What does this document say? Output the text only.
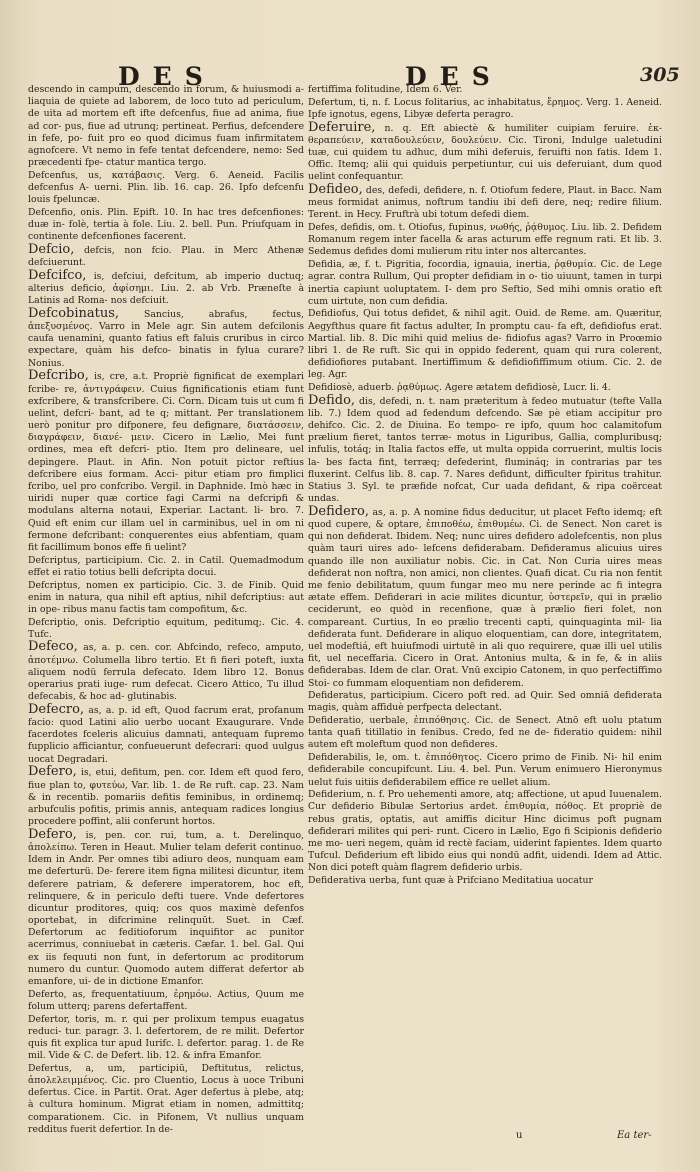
DES	DES	305

descendo in campum, descendo in forum, & huiusmodi a- liaquia de quiete ad laborem, de loco tuto ad periculum, de uita ad mortem eft ifte defcenfus, fiue ad anima, fiue ad cor- pus, fiue ad utrunq; pertineat. Perfius, defcendere in fefe, po- fuit pro eo quod dicimus fuam infirmitatem agnofcere. Vt nemo in fefe tentat defcendere, nemo: Sed præcedenti fpe- ctatur mantica tergo.

Defcenfus, us, κατάβασις. Verg. 6. Aeneid. Facilis defcenfus A- uerni. Plin. lib. 16. cap. 26. Ipfo defcenfu louis fpeluncæ.

Defcenfio, onis. Plin. Epift. 10. In hac tres defcenfiones: duæ in- folè, tertia à fole. Liu. 2. bell. Pun. Priufquam in continente defcenfiones facerent.

Defcio, defcis, non fcio. Plau. in Merc Athenæ defciuerunt.

Defcifco, is, defciui, defcitum, ab imperio ductuq; alterius deficio, ἀφίσημι. Liu. 2. ab Vrb. Præneſte à Latinis ad Roma- nos defciuit.

Defcobinatus, Sancius, abrafus, fectus, ἀπεξυσμένος. Varro in Mele agr. Sin autem defcilonis caufa uenamini, quanto fatius eft faluis cruribus in circo expectare, quàm his defco- binatis in fylua curare? Nonius.

Defcribo, is, cre, a.t. Propriè fignificat de exemplari fcribe- re, ἀντιγράφειν. Cuius fignificationis etiam funt exfcribere, & transfcribere. Ci. Corn. Dicam tuis ut cum fi uelint, defcri- bant, ad te q; mittant. Per translationem uerò ponitur pro difponere, feu defignare, διατάσσειν, διαγράφειν, διανέ- μειν. Cicero in Lælio, Mei funt ordines, mea eft defcri- ptio. Item pro delineare, uel depingere. Plaut. in Afin. Non potuit pictor reftius defcribere eius formam. Acci- pitur etiam pro fimplici fcribo, uel pro confcribo. Vergil. in Daphnide. Imò hæc in uiridi nuper quæ cortice fagi Carmi na defcripfi & modulans alterna notaui, Experiar. Lactant. li- bro. 7. Quid eft enim cur illam uel in carminibus, uel in om ni fermone defcribant: conquerentes eius abfentiam, quam fit facillimum bonos effe fi uelint?

Defcriptus, participium. Cic. 2. in Catil. Quemadmodum effet ei ratio totius belli defcripta docui.

Defcriptus, nomen ex participio. Cic. 3. de Finib. Quid enim in natura, qua nihil eft aptius, nihil defcriptius: aut in ope- ribus manu factis tam compofitum, &c.

Defcriptio, onis. Defcriptio equitum, peditumq;. Cic. 4. Tufc.

Defeco, as, a. p. cen. cor. Abfcindo, refeco, amputo, ἀποτέμνω. Columella libro tertio. Et fi fieri poteft, iuxta aliquem nodü ferrula defecato. Idem libro 12. Bonus operarius prati iuge- rum defecat. Cicero Attico, Tu illud defecabis, & hoc ad- glutinabis.

Defecro, as, a. p. id eft, Quod facrum erat, profanum facio: quod Latini alio uerbo uocant Exaugurare. Vnde facerdotes fceleris alicuius damnati, antequam fupremo fupplicio afficiantur, confueuerunt defecrari: quod uulgus uocat Degradari.

Defero, is, etui, defitum, pen. cor. Idem eft quod fero, fiue plan to, φυτεύω, Var. lib. 1. de Re ruft. cap. 23. Nam & in recentib. pomariis defitis feminibus, in ordinemq; arbufculis pofitis, primis annis, antequam radices longius procedere poffint, alii conferunt hortos.

Defero, is, pen. cor. rui, tum, a. t. Derelinquo, ἀπολείπω. Teren in Heaut. Mulier telam deferit continuo. Idem in Andr. Per omnes tibi adiuro deos, nunquam eam me deferturü. De- ferere item figna militesi dicuntur, item deferere patriam, & deferere imperatorem, hoc eft, relinquere, & in periculo defti tuere. Vnde defertores dicuntur proditores, quiq; cos quos maximè defenfos oportebat, in difcrimine relinquūt. Suet. in Cæf. Defertorum ac feditioforum inquifitor ac punitor acerrimus, conniuebat in cæteris. Cæfar. 1. bel. Gal. Qui ex iis fequuti non funt, in defertorum ac proditorum numero du cuntur. Quomodo autem differat defertor ab emanfore, ui- de in dictione Emanfor.

Deferto, as, frequentatiuum, ἐρημόω. Actius, Quum me folum utterq; parens defertaffent.

Defertor, toris, m. r. qui per prolixum tempus euagatus reduci- tur. paragr. 3. l. defertorem, de re milit. Defertor quis fit explica tur apud Iurifc. l. defertor. parag. 1. de Re mil. Vide & C. de Defert. lib. 12. & infra Emanfor.

Defertus, a, um, participiū, Deftitutus, relictus, ἀπολελειμμένος. Cic. pro Cluentio, Locus à uoce Tribuni defertus. Cice. in Partit. Orat. Ager defertus à plebe, atq; à cultura hominum. Migrat etiam in nomen, admittitq; comparationem. Cic. in Pifonem, Vt nullius unquam redditus fuerit defertior. In de-

fertiffima folitudine, Idem 6. Ver.

Defertum, ti, n. f. Locus folitarius, ac inhabitatus, ἔρημος. Verg. 1. Aeneid. Ipfe ignotus, egens, Libyæ deferta peragro.

Deferuire, n. q. Eft abiectè & humiliter cuipiam feruire. ἐκ- θεραπεύειν, καταδουλεύειν, δουλεύειν. Cic. Tironi, Indulge ualetudini tuæ, cui quidem tu adhuc, dum mihi deferuis, feruifti non fatis. Idem 1. Offic. Itemq; alii qui quiduis perpetiuntur, cui uis deferuiant, dum quod uelint confequantur.

Defideo, des, defedi, defidere, n. f. Otiofum federe, Plaut. in Bacc. Nam meus formidat animus, noftrum tandiu ibi defi dere, neq; redire filium. Terent. in Hecy. Fruftrà ubi totum defedi diem.

Defes, defidis, om. t. Otiofus, fupinus, νωθής, ῥᾴθυμος. Liu. lib. 2. Defidem Romanum regem inter facella & aras acturum effe regnum rati. Et lib. 3. Sedemus defides domi mulierum ritu inter nos altercantes.

Defidia, æ, f. t. Pigritia, focordia, ignauia, inertia, ῥᾳθυμία. Cic. de Lege agrar. contra Rullum, Qui propter defidiam in o- tio uiuunt, tamen in turpi inertia capiunt uoluptatem. I- dem pro Seftio, Sed mihi omnis oratio eft cum uirtute, non cum defidia.

Defidiofus, Qui totus defidet, & nihil agit. Ouid. de Reme. am. Quæritur, Aegyfthus quare fit factus adulter, In promptu cau- fa eft, defidiofus erat. Martial. lib. 8. Dic mihi quid melius de- fidiofus agas? Varro in Proœmio libri 1. de Re ruft. Sic qui in oppido federent, quam qui rura colerent, defidiofiores putabant. Inertiffimum & defidiofiffimum otium. Cic. 2. de leg. Agr.

Defidiosè, aduerb. ῥᾳθύμως. Agere ætatem defidiosè, Lucr. li. 4.

Defido, dis, defedi, n. t. nam præteritum à fedeo mutuatur (tefte Valla lib. 7.) Idem quod ad fedendum defcendo. Sæ pè etiam accipitur pro dehifco. Cic. 2. de Diuina. Eo tempo- re ipfo, quum hoc calamitofum prælium fieret, tantos terræ- motus in Liguribus, Gallia, compluribusq; infulis, totáq; in Italia factos effe, ut multa oppida corruerint, multis locis la- bes facta fint, terræq; defederint, flumináq; in contrarias par tes fluxerint. Celfus lib. 8. cap. 7. Nares defidunt, difficulter fpiritus trahitur. Statius 3. Syl. te præfide nofcat, Cur uada defidant, & ripa coërceat undas.

Defidero, as, a. p. A nomine fidus deducitur, ut placet Fefto idemq; eft quod cupere, & optare, ἐπιποθέω, ἐπιθυμέω. Ci. de Senect. Non caret is qui non defiderat. Ibidem. Neq; nunc uires defidero adolefcentis, non plus quàm tauri uires ado- lefcens defiderabam. Defideramus alicuius uires quando ille non auxiliatur nobis. Cic. in Cat. Non Curia uires meas defiderat non noftra, non amici, non clientes. Quafi dicat. Cu ria non fentit me fenio debilitatum, quum fungar meo mu nere perinde ac fi integra ætate effem. Defiderari in acie milites dicuntur, ὑστερεῖν, qui in prælio ceciderunt, eo quòd in recenfione, quæ à prælio fieri folet, non compareant. Curtius, In eo prælio trecenti capti, quinquaginta mil- lia defiderata funt. Defiderare in aliquo eloquentiam, can dore, integritatem, uel modeftiá, eft huiufmodi uirtutē in ali quo requirere, quæ illi uel utilis fit, uel neceffaria. Cicero in Orat. Antonius multa, & in fe, & in aliis defiderabas. Idem de clar. Orat. Vnū excipio Catonem, in quo perfectiffimo Stoi- co fummam eloquentiam non defiderem.

Defideratus, participium. Cicero poft red. ad Quir. Sed omniā defiderata magis, quàm affiduè perfpecta delectant.

Defideratio, uerbale, ἐπιπόθησις. Cic. de Senect. Atnō eft uolu ptatum tanta quafi titillatio in fenibus. Credo, fed ne de- fideratio quidem: nihil autem eft moleftum quod non defideres.

Defiderabilis, le, om. t. ἐπιπόθητος. Cicero primo de Finib. Ni- hil enim defiderabile concupifcunt. Liu. 4. bel. Pun. Verum enimuero Hieronymus uelut fuis uitiis defiderabilem effice re uellet alium.

Defiderium, n. f. Pro uehementi amore, atq; affectione, ut apud Iuuenalem. Cur defiderio Bibulæ Sertorius ardet. ἐπιθυμία, πόθος. Et propriè de rebus gratis, optatis, aut amiffis dicitur Hinc dicimus poft pugnam defiderari milites qui peri- runt. Cicero in Lælio, Ego fi Scipionis defiderio me mo- ueri negem, quàm id rectè faciam, uiderint fapientes. Idem quarto Tufcul. Defiderium eft libido eius qui nondū adfit, uidendi. Idem ad Attic. Non dici poteft quàm flagrem defiderio urbis.

Defiderativa uerba, funt quæ à Prifciano Meditatiua uocatur

u	Ea ter-
